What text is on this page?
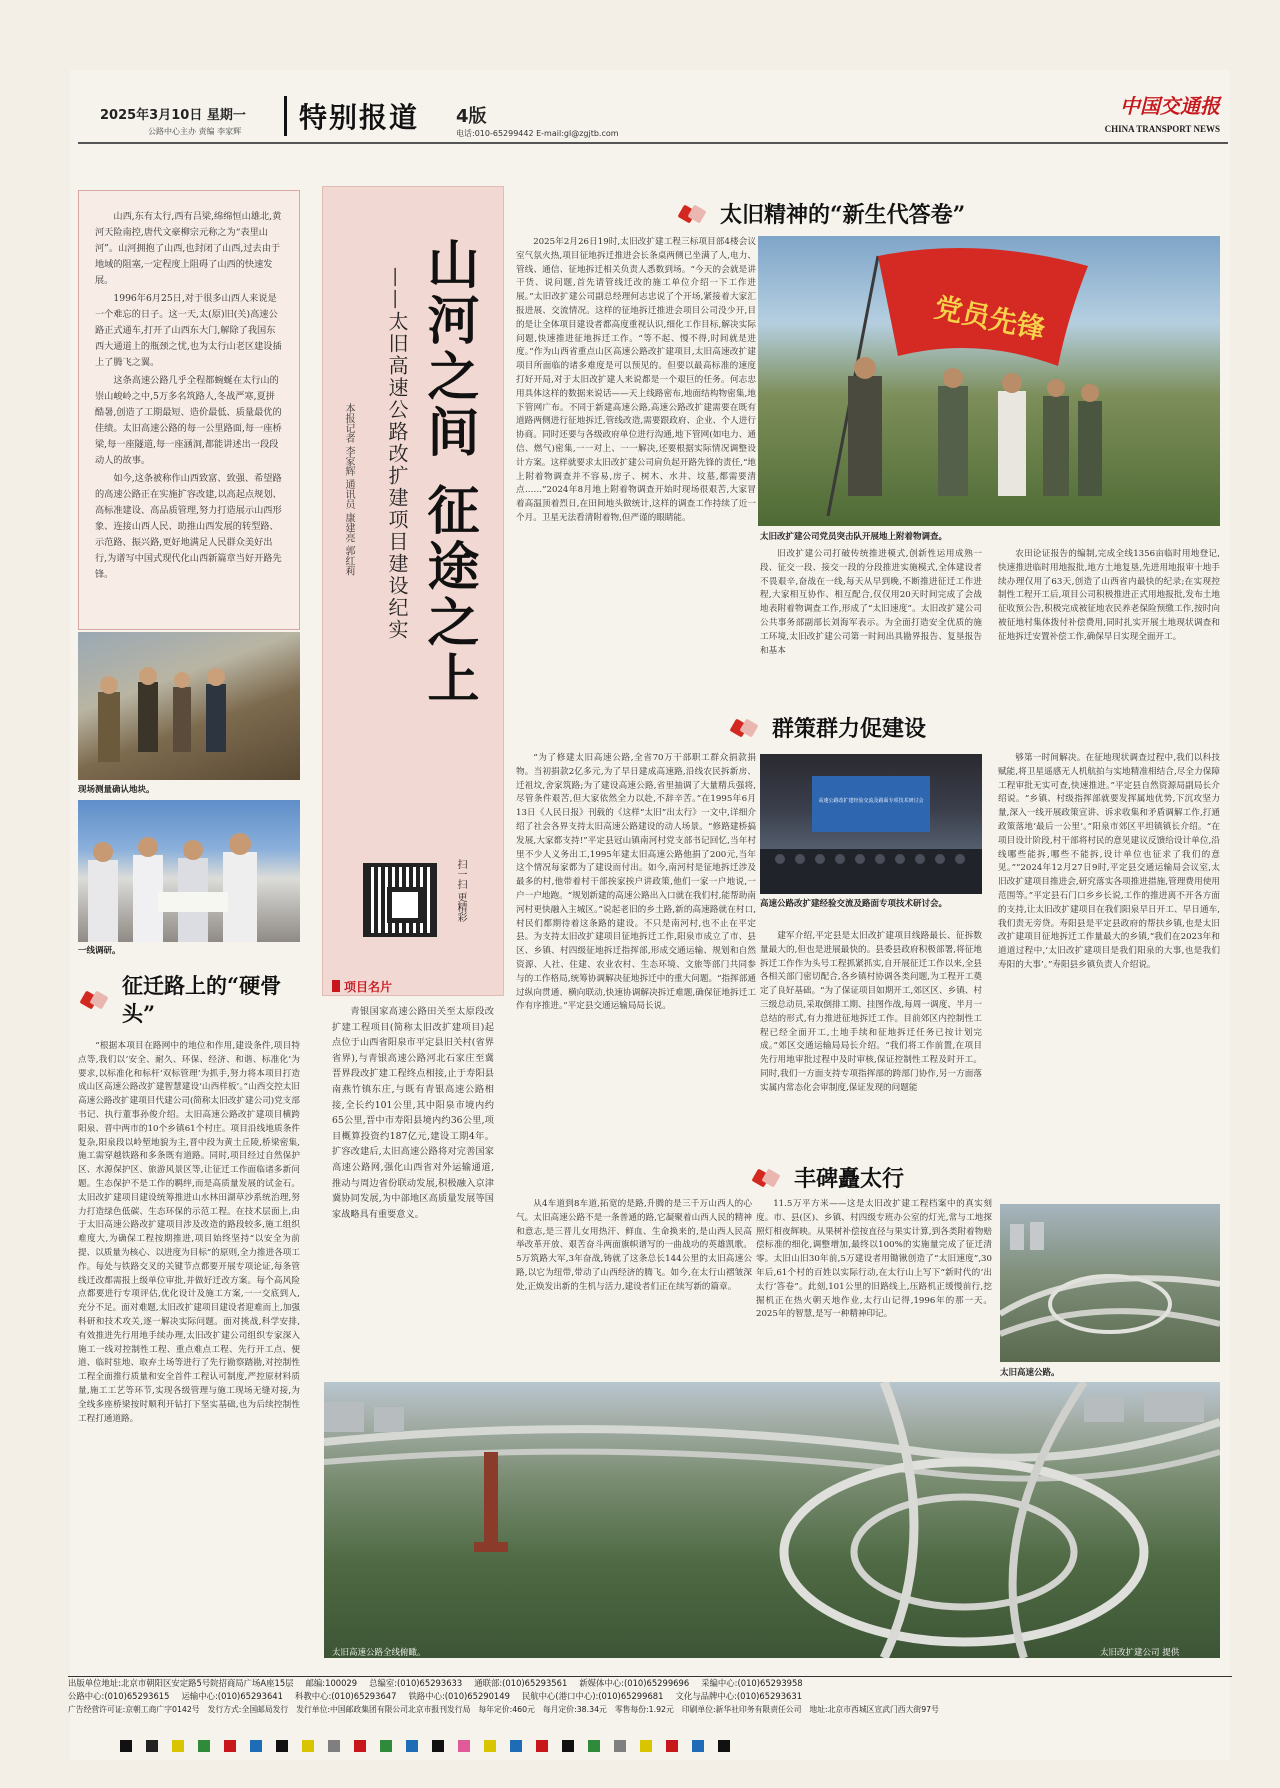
2025年3月10日 星期一
公路中心主办 责编 李家辉	特别报道 4版
电话:010-65299442 E-mail:gl@zgjtb.com
中国交通报
CHINA TRANSPORT NEWS

山西,东有太行,西有吕梁,绵绵恒山雄北,黄河天险南控,唐代文豪柳宗元称之为“表里山河”。山河拥抱了山西,也封闭了山西,过去由于地域的阻塞,一定程度上阻碍了山西的快速发展。

1996年6月25日,对于很多山西人来说是一个难忘的日子。这一天,太(原)旧(关)高速公路正式通车,打开了山西东大门,解除了我国东西大通道上的瓶颈之忧,也为太行山老区建设插上了腾飞之翼。

这条高速公路几乎全程都蜿蜒在太行山的崇山峻岭之中,5万多名筑路人,冬战严寒,夏拼酷暑,创造了工期最短、造价最低、质量最优的佳绩。太旧高速公路的每一公里路面,每一座桥梁,每一座隧道,每一座涵洞,都能讲述出一段段动人的故事。

如今,这条被称作山西致富、致强、希望路的高速公路正在实施扩容改建,以高起点规划、高标准建设、高品质管理,努力打造展示山西形象、连接山西人民、助推山西发展的转型路、示范路、振兴路,更好地满足人民群众美好出行,为谱写中国式现代化山西新篇章当好开路先锋。	山河之间 征途之上
——太旧高速公路改扩建项目建设纪实
本报记者 李家辉 通讯员 康建亮 郭红莉
扫一扫 更精彩
现场测量确认地块。
一线调研。
征迁路上的“硬骨头”
“根据本项目在路网中的地位和作用,建设条件,项目特点等,我们以‘安全、耐久、环保、经济、和谐、标准化’为要求,以标准化和标杆‘双标管理’为抓手,努力将本项目打造成山区高速公路改扩建智慧建设‘山西样板’。”山西交控太旧高速公路改扩建项目代建公司(简称太旧改扩建公司)党支部书记、执行董事孙俊介绍。太旧高速公路改扩建项目横跨阳泉、晋中两市的10个乡镇61个村庄。项目沿线地质条件复杂,阳泉段以岭堑地貌为主,晋中段为黄土丘陵,桥梁密集,施工需穿越铁路和多条既有道路。同时,项目经过自然保护区、水源保护区、旅游风景区等,让征迁工作面临诸多新问题。生态保护不是工作的羁绊,而是高质量发展的试金石。太旧改扩建项目建设统筹推进山水林田湖草沙系统治理,努力打造绿色低碳、生态环保的示范工程。在技术层面上,由于太旧高速公路改扩建项目涉及改造的路段较多,施工组织难度大,为确保工程按期推进,项目始终坚持“以安全为前提、以质量为核心、以进度为目标”的原则,全力推进各项工作。每处与铁路交叉的关键节点都要开展专项论证,每条管线迁改都需报上级单位审批,并做好迁改方案。每个高风险点都要进行专项评估,优化设计及施工方案,一一交底到人,充分不足。面对难题,太旧改扩建项目建设者迎难而上,加强科研和技术攻关,逐一解决实际问题。面对挑战,科学安排,有效推进先行用地手续办理,太旧改扩建公司组织专家深入施工一线对控制性工程、重点难点工程、先行开工点、便道、临时驻地、取弃土场等进行了先行勘察踏勘,对控制性工程全面推行质量和安全首件工程认可制度,严控原材料质量,施工工艺等环节,实现各级管理与施工现场无缝对接,为全线多座桥梁按时顺利开钻打下坚实基础,也为后续控制性工程打通道路。
项目名片
青银国家高速公路田关至太原段改扩建工程项目(简称太旧改扩建项目)起点位于山西省阳泉市平定县旧关村(省界省界),与青银高速公路河北石家庄至冀晋界段改扩建工程终点相接,止于寿阳县南燕竹镇东庄,与既有青银高速公路相接,全长约101公里,其中阳泉市境内约65公里,晋中市寿阳县境内约36公里,项目概算投资约187亿元,建设工期4年。扩容改建后,太旧高速公路将对完善国家高速公路网,强化山西省对外运输通道,推动与周边省份联动发展,积极融入京津冀协同发展,为中部地区高质量发展等国家战略具有重要意义。
太旧精神的“新生代答卷”
2025年2月26日19时,太旧改扩建工程三标项目部4楼会议室气氛火热,项目征地拆迁推进会长条桌两侧已坐满了人,电力、管线、通信、征地拆迁相关负责人悉数到场。“今天的会就是讲干货、说问题,首先请管线迁改的施工单位介绍一下工作进展。”太旧改扩建公司副总经理何志忠说了个开场,紧接着大家汇报进展、交流情况。这样的征地拆迁推进会项目公司没少开,目的是让全体项目建设者都高度重视认识,细化工作目标,解决实际问题,快速推进征地拆迁工作。“等不起、慢不得,时间就是进度。”作为山西省重点山区高速公路改扩建项目,太旧高速改扩建项目所面临的诸多难度是可以预见的。但要以最高标准的速度打好开局,对于太旧改扩建人来说都是一个艰巨的任务。何志忠用具体这样的数据来说话——天上线路密布,地面结构物密集,地下管网广布。不同于新建高速公路,高速公路改扩建需要在既有道路两侧进行征地拆迁,管线改造,需要跟政府、企业、个人进行协商。同时还要与各级政府单位进行沟通,地下管网(如电力、通信、燃气)密集,一一对上、一一解决,还要根据实际情况调整设计方案。这样就要求太旧改扩建公司肩负起开路先锋的责任,“地上附着物调查并不容易,房子、树木、水井、坟墓,都需要清点……”2024年8月地上附着物调查开始时现场很艰苦,大家冒着高温顶着烈日,在田间地头做统计,这样的调查工作持续了近一个月。卫星无法看清附着物,但严谨的眼睛能。
党员先锋
太旧改扩建公司党员突击队开展地上附着物调查。
旧改扩建公司打破传统推进模式,创新性运用成熟一段、征交一段、接交一段的分段推进实施模式,全体建设者不畏艰辛,奋战在一线,每天从早到晚,不断推进征迁工作进程,大家相互协作、相互配合,仅仅用20天时间完成了会战地表附着物调查工作,形成了“太旧速度”。太旧改扩建公司公共事务部副部长刘海军表示。为全面打造安全优质的施工环境,太旧改扩建公司第一时间出具勘界报告、复垦报告和基本
农田论证报告的编制,完成全线1356亩临时用地登记,快速推进临时用地报批,地方土地复垦,先进用地报审十地手续办理仅用了63天,创造了山西省内最快的纪录;在实现控制性工程开工后,项目公司积极推进正式用地报批,发布土地征收预公告,积极完成被征地农民养老保险预缴工作,按时向被征地村集体拨付补偿费用,同时扎实开展土地现状调查和征地拆迁安置补偿工作,确保早日实现全面开工。
群策群力促建设
“为了修建太旧高速公路,全省70万干部职工群众捐款捐物。当初捐款2亿多元,为了早日建成高速路,沿线农民拆新房、迁祖坟,舍家筑路;为了建设高速公路,省里抽调了大量精兵强将,尽管条件艰苦,但大家依然全力以赴,不辞辛苦。”在1995年6月13日《人民日报》刊载的《这样“太旧”出太行》一文中,详细介绍了社会各界支持太旧高速公路建设的动人场景。“修路建桥搞发展,大家都支持!”平定县冠山镇南河村党支部书记回忆,当年村里不少人义务出工,1995年建太旧高速公路他捐了200元,当年这个情况每家都为了建设而付出。如今,南河村是征地拆迁涉及最多的村,他带着村干部挨家挨户讲政策,他们一家一户地说,一户一户地跑。“规划新建的高速公路出入口就在我们村,能帮助南河村更快融入主城区。”说起老旧的乡土路,新的高速路就在村口,村民们都期待着这条路的建设。不只是南河村,也不止在平定县。为支持太旧改扩建项目征地拆迁工作,阳泉市成立了市、县区、乡镇、村四级征地拆迁指挥部,形成交通运输、规划和自然资源、人社、住建、农业农村、生态环境、文旅等部门共同参与的工作格局,统筹协调解决征地拆迁中的重大问题。“指挥部通过纵向贯通、横向联动,快速协调解决拆迁难题,确保征地拆迁工作有序推进。”平定县交通运输局局长说。
高速公路改扩建经验交流及路面专项技术研讨会
高速公路改扩建经验交流及路面专项技术研讨会。
建军介绍,平定县是太旧改扩建项目线路最长、征拆数量最大的,但也是进展最快的。县委县政府积极部署,将征地拆迁工作作为头号工程抓紧抓实,自开展征迁工作以来,全县各相关部门密切配合,各乡镇村协调各类问题,为工程开工奠定了良好基础。“为了保证项目如期开工,郊区区、乡镇、村三级总动员,采取倒排工期、挂图作战,每周一调度、半月一总结的形式,有力推进征地拆迁工作。目前郊区内控制性工程已经全面开工,土地手续和征地拆迁任务已按计划完成。”郊区交通运输局局长介绍。“我们将工作前置,在项目先行用地审批过程中及时审核,保证控制性工程及时开工。同时,我们一方面支持专项指挥部的跨部门协作,另一方面落实属内常态化会审制度,保证发现的问题能
够第一时间解决。在征地现状调查过程中,我们以科技赋能,将卫星遥感无人机航拍与实地精准相结合,尽全力保障工程审批无实可查,快速推进。”平定县自然资源局副局长介绍说。“乡镇、村级指挥部就要发挥属地优势,下沉攻坚力量,深入一线开展政策宣讲、诉求收集和矛盾调解工作,打通政策落地‘最后一公里’。”阳泉市郊区平坦镇镇长介绍。“在项目设计阶段,村干部将村民的意见建议反馈给设计单位,沿线哪些能拆,哪些不能拆,设计单位也征求了我们的意见。”“2024年12月27日9时,平定县交通运输局会议室,太旧改扩建项目推进会,研究落实各项推进措施,管理费用使用范围等。”平定县石门口乡乡长说,工作的推进离不开各方面的支持,让太旧改扩建项目在我们阳泉早日开工、早日通车,我们责无旁贷。寿阳县是平定县政府的帮扶乡镇,也是太旧改扩建项目征地拆迁工作量最大的乡镇,“我们在2023年和道道过程中,‘太旧改扩建项目是我们阳泉的大事,也是我们寿阳的大事’。”寿阳县乡镇负责人介绍说。
丰碑矗太行
从4车道到8车道,拓宽的是路,升腾的是三千万山西人的心气。太旧高速公路不是一条普通的路,它凝聚着山西人民的精神和意志,是三晋儿女用热汗、鲜血、生命换来的,是山西人民高举改革开放、艰苦奋斗两面旗帜谱写的一曲战功的英雄凯歌。5万筑路大军,3年奋战,铸就了这条总长144公里的太旧高速公路,以它为纽带,带动了山西经济的腾飞。如今,在太行山褶皱深处,正焕发出新的生机与活力,建设者们正在续写新的篇章。
11.5万平方米——这是太旧改扩建工程档案中的真实刻度。市、县(区)、乡镇、村四级专班办公室的灯光,常与工地探照灯相夜辉映。从果树补偿按直径与果实计算,到各类附着物赔偿标准的细化,调整增加,最终以100%的实施量完成了征迁清零。太旧山旧30年前,5万建设者用锄锹创造了“太旧速度”,30年后,61个村的百姓以实际行动,在太行山上写下“新时代的‘出太行’答卷”。此刻,101公里的旧路线上,压路机正缓慢前行,挖掘机正在热火朝天地作业,太行山记得,1996年的那一天。2025年的智慧,是写一种精神印记。
太旧高速公路。
太旧高速公路全线俯瞰。	太旧改扩建公司 提供
出版单位地址:北京市朝阳区安定路5号院招商局广场A座15层 邮编:100029 总编室:(010)65293633 通联部:(010)65293561 新媒体中心:(010)65299696 采编中心:(010)65293958
公路中心:(010)65293615 运输中心:(010)65293641 科教中心:(010)65293647 铁路中心:(010)65290149 民航中心(港口中心):(010)65299681 文化与品牌中心:(010)65293631
广告经营许可证:京朝工商广字0142号 发行方式:全国邮局发行 发行单位:中国邮政集团有限公司北京市报刊发行局 每年定价:460元 每月定价:38.34元 零售每份:1.92元 印刷单位:新华社印务有限责任公司 地址:北京市西城区宣武门西大街97号
